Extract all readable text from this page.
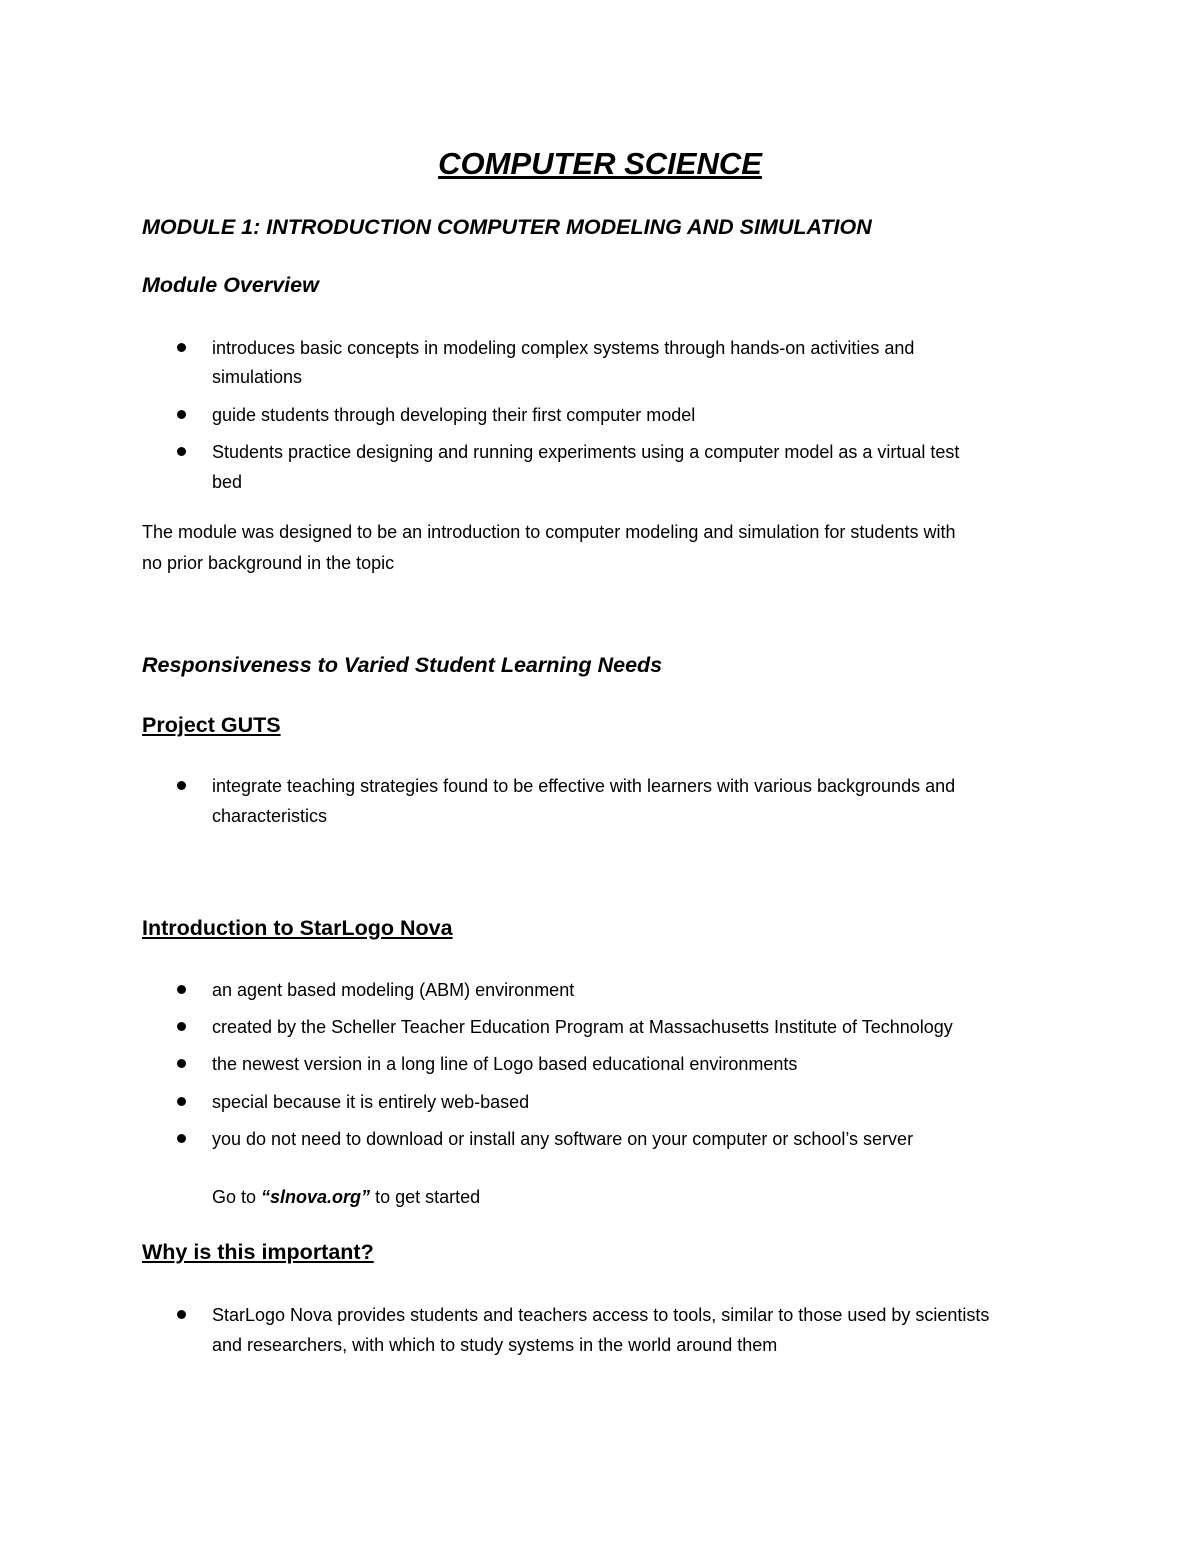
COMPUTER SCIENCE
MODULE 1: INTRODUCTION COMPUTER MODELING AND SIMULATION
Module Overview
introduces basic concepts in modeling complex systems through hands-on activities and
simulations
guide students through developing their first computer model
Students practice designing and running experiments using a computer model as a virtual test
bed
The module was designed to be an introduction to computer modeling and simulation for students with
no prior background in the topic
Responsiveness to Varied Student Learning Needs
Project GUTS
integrate teaching strategies found to be effective with learners with various backgrounds and
characteristics
Introduction to StarLogo Nova
an agent based modeling (ABM) environment
created by the Scheller Teacher Education Program at Massachusetts Institute of Technology
the newest version in a long line of Logo based educational environments
special because it is entirely web-based
you do not need to download or install any software on your computer or school’s server
Go to “slnova.org” to get started
Why is this important?
StarLogo Nova provides students and teachers access to tools, similar to those used by scientists
and researchers, with which to study systems in the world around them
